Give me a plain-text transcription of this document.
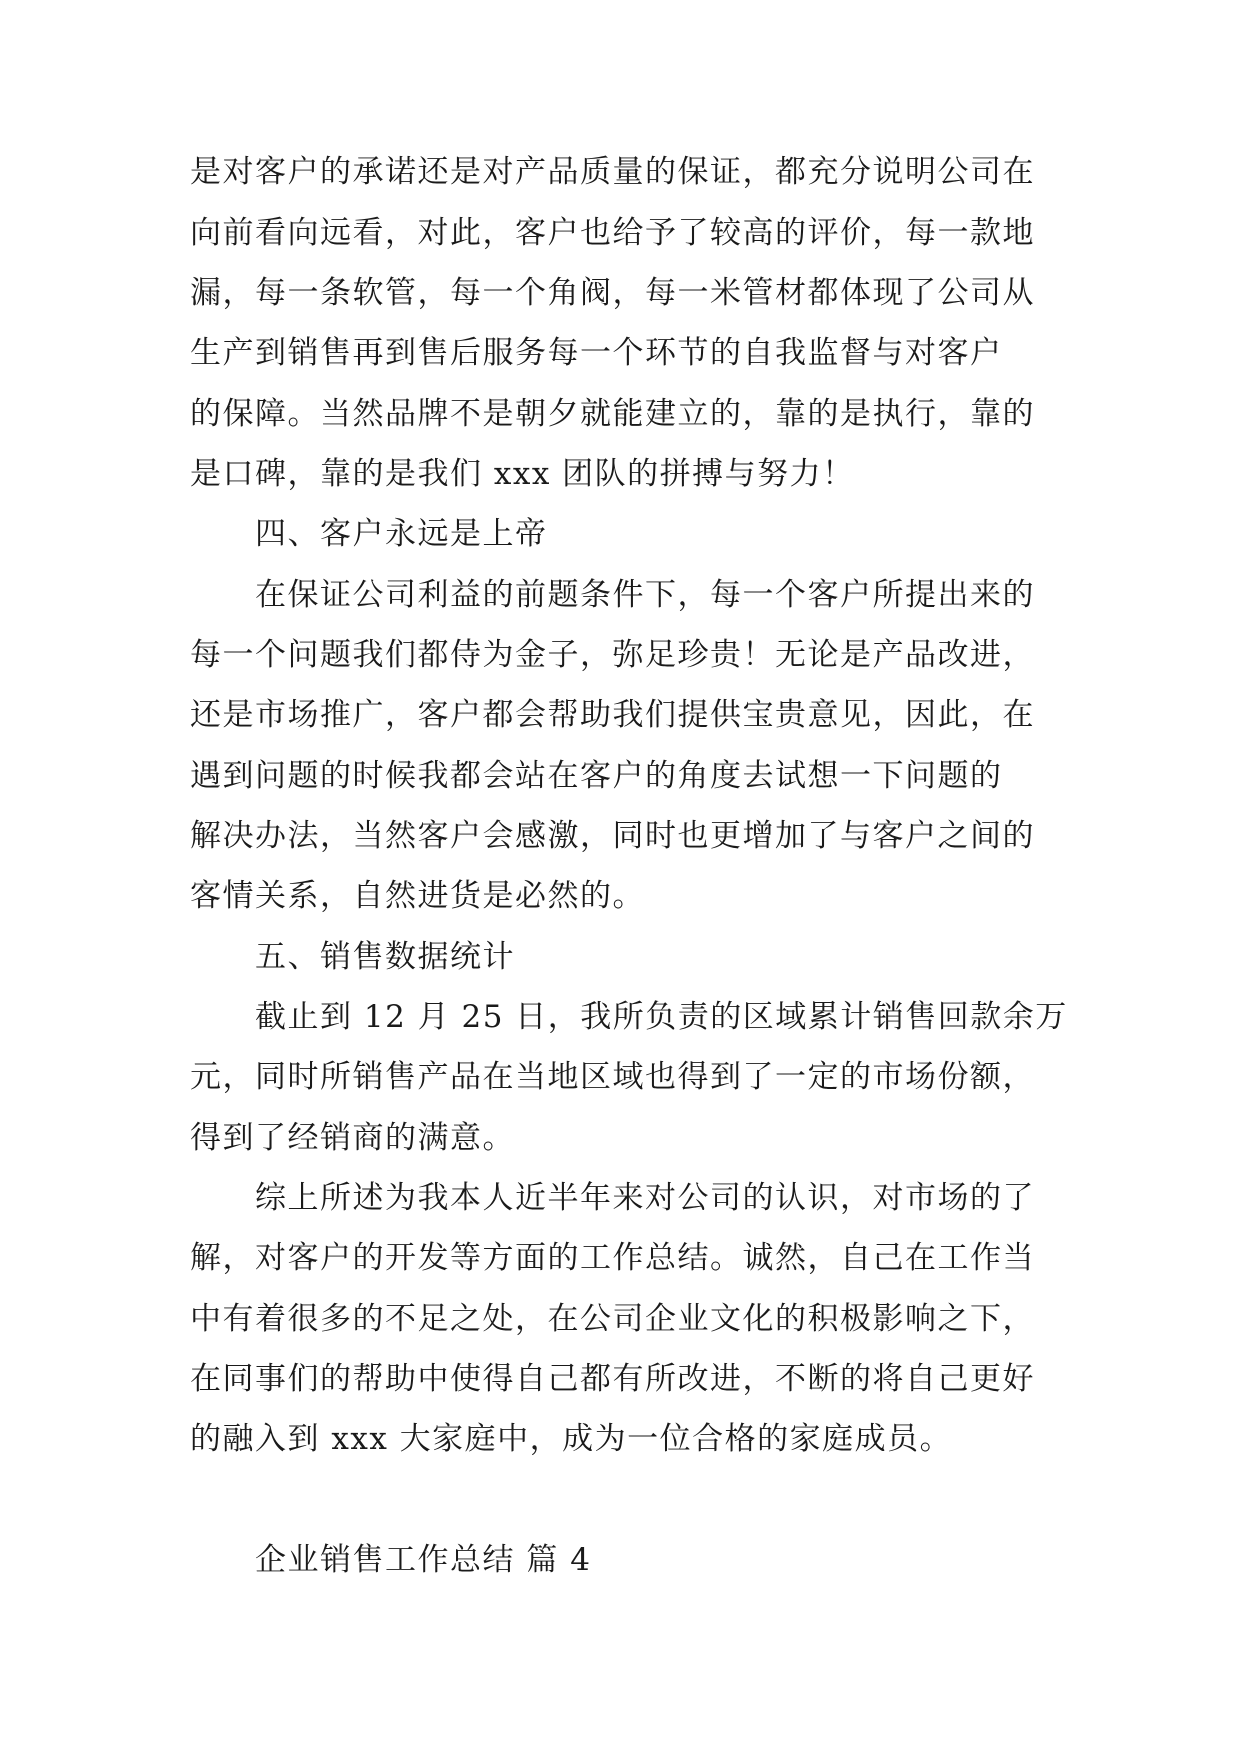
是对客户的承诺还是对产品质量的保证，都充分说明公司在
向前看向远看，对此，客户也给予了较高的评价，每一款地
漏，每一条软管，每一个角阀，每一米管材都体现了公司从
生产到销售再到售后服务每一个环节的自我监督与对客户
的保障。当然品牌不是朝夕就能建立的，靠的是执行，靠的
是口碑，靠的是我们 xxx 团队的拼搏与努力！
四、客户永远是上帝
在保证公司利益的前题条件下，每一个客户所提出来的
每一个问题我们都侍为金子，弥足珍贵！无论是产品改进，
还是市场推广，客户都会帮助我们提供宝贵意见，因此，在
遇到问题的时候我都会站在客户的角度去试想一下问题的
解决办法，当然客户会感激，同时也更增加了与客户之间的
客情关系，自然进货是必然的。
五、销售数据统计
截止到 12 月 25 日，我所负责的区域累计销售回款余万
元，同时所销售产品在当地区域也得到了一定的市场份额，
得到了经销商的满意。
综上所述为我本人近半年来对公司的认识，对市场的了
解，对客户的开发等方面的工作总结。诚然，自己在工作当
中有着很多的不足之处，在公司企业文化的积极影响之下，
在同事们的帮助中使得自己都有所改进，不断的将自己更好
的融入到 xxx 大家庭中，成为一位合格的家庭成员。
企业销售工作总结 篇 4
